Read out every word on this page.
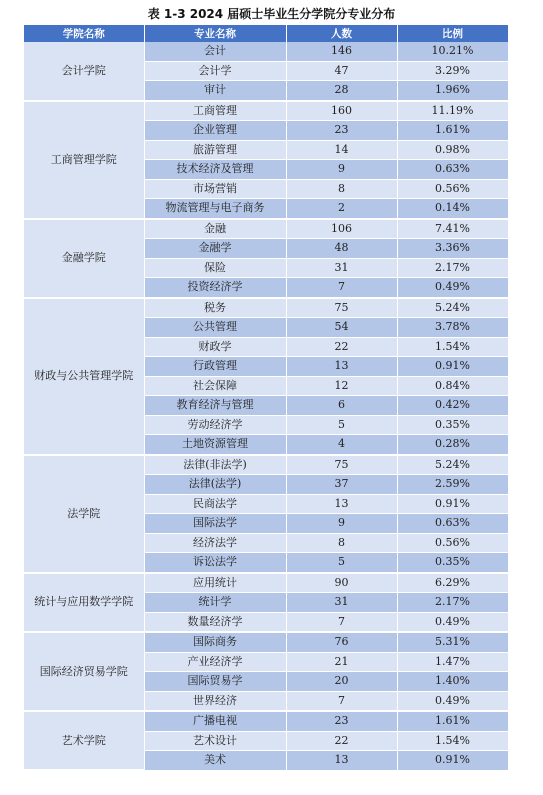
表 1-3 2024 届硕士毕业生分学院分专业分布
学院名称	专业名称	人数	比例
会计学院	会计	146	10.21%
	会计学	47	3.29%
	审计	28	1.96%
工商管理学院	工商管理	160	11.19%
	企业管理	23	1.61%
	旅游管理	14	0.98%
	技术经济及管理	9	0.63%
	市场营销	8	0.56%
	物流管理与电子商务	2	0.14%
金融学院	金融	106	7.41%
	金融学	48	3.36%
	保险	31	2.17%
	投资经济学	7	0.49%
财政与公共管理学院	税务	75	5.24%
	公共管理	54	3.78%
	财政学	22	1.54%
	行政管理	13	0.91%
	社会保障	12	0.84%
	教育经济与管理	6	0.42%
	劳动经济学	5	0.35%
	土地资源管理	4	0.28%
法学院	法律(非法学)	75	5.24%
	法律(法学)	37	2.59%
	民商法学	13	0.91%
	国际法学	9	0.63%
	经济法学	8	0.56%
	诉讼法学	5	0.35%
统计与应用数学学院	应用统计	90	6.29%
	统计学	31	2.17%
	数量经济学	7	0.49%
国际经济贸易学院	国际商务	76	5.31%
	产业经济学	21	1.47%
	国际贸易学	20	1.40%
	世界经济	7	0.49%
艺术学院	广播电视	23	1.61%
	艺术设计	22	1.54%
	美术	13	0.91%
